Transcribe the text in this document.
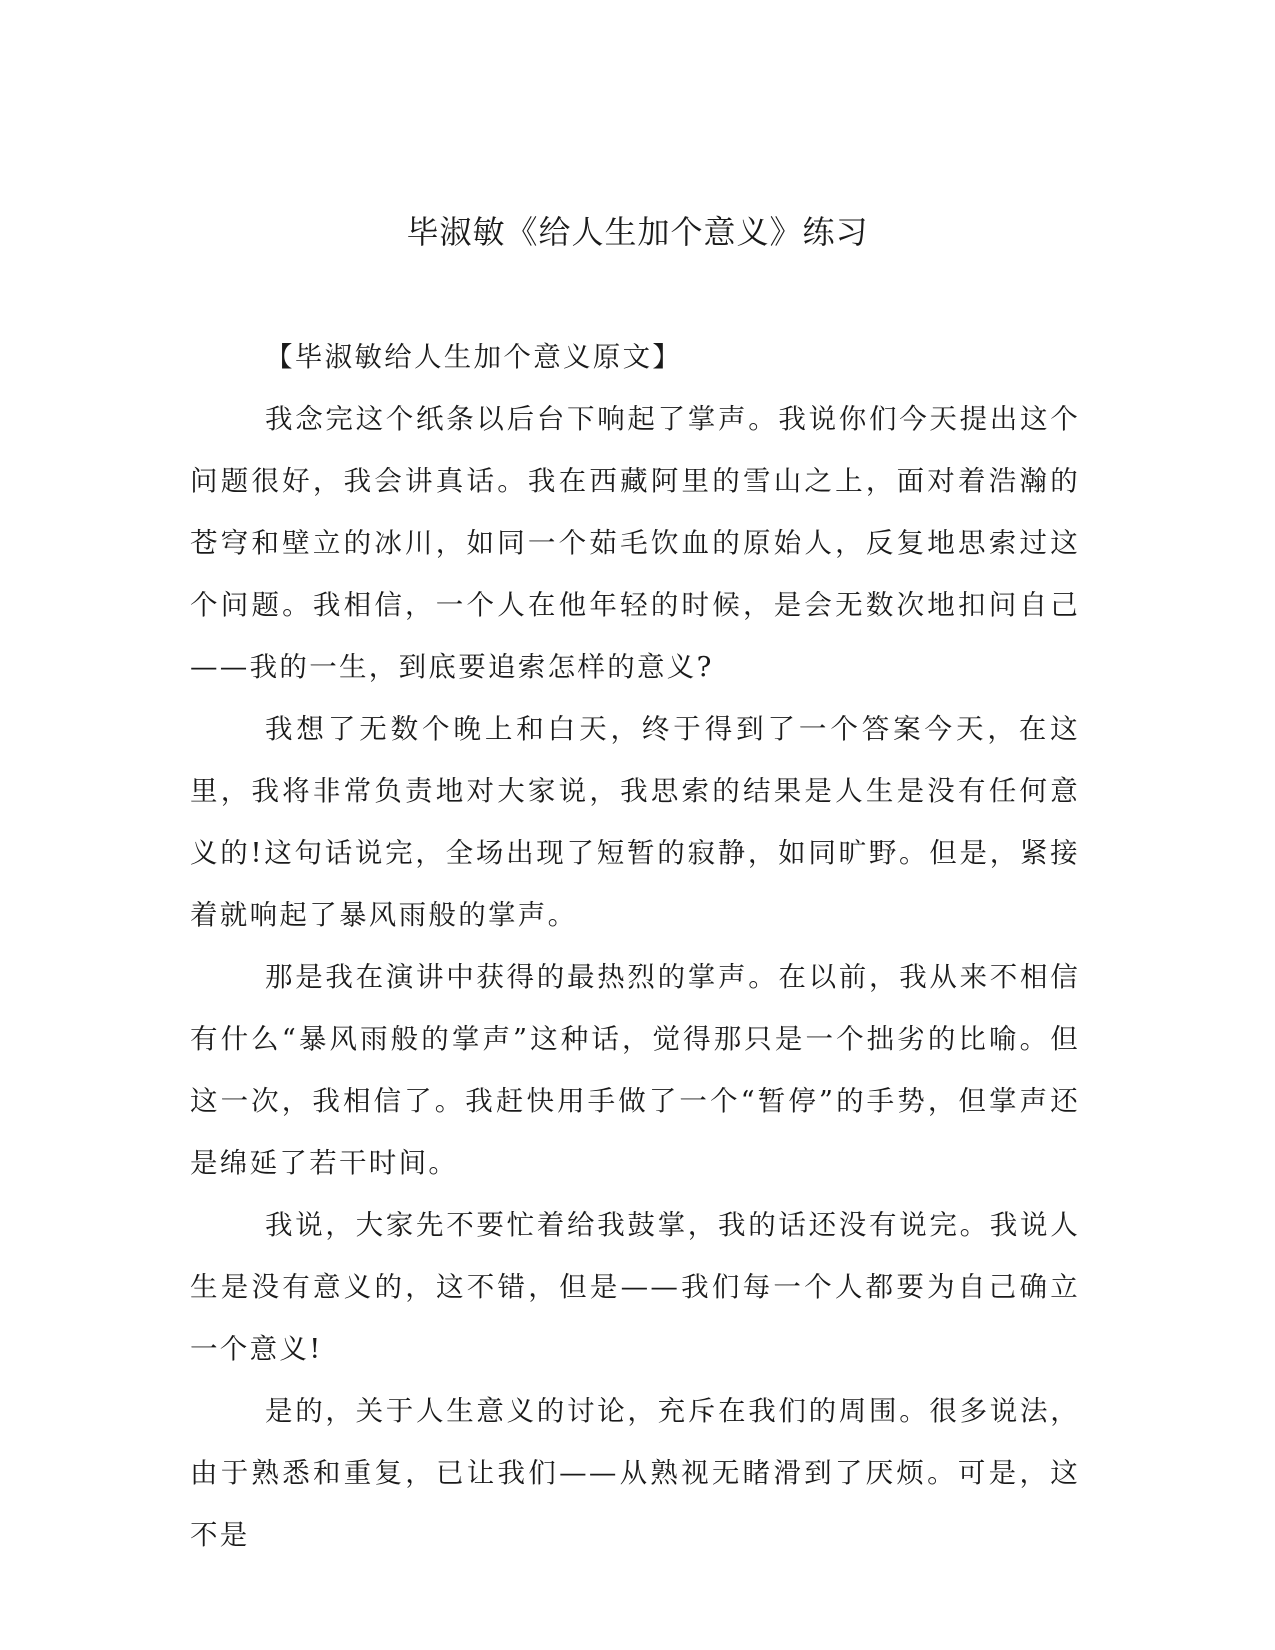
毕淑敏《给人生加个意义》练习

【毕淑敏给人生加个意义原文】

我念完这个纸条以后台下响起了掌声。我说你们今天提出这个问题很好，我会讲真话。我在西藏阿里的雪山之上，面对着浩瀚的苍穹和壁立的冰川，如同一个茹毛饮血的原始人，反复地思索过这个问题。我相信，一个人在他年轻的时候，是会无数次地扣问自己——我的一生，到底要追索怎样的意义?

我想了无数个晚上和白天，终于得到了一个答案今天，在这里，我将非常负责地对大家说，我思索的结果是人生是没有任何意义的!这句话说完，全场出现了短暂的寂静，如同旷野。但是，紧接着就响起了暴风雨般的掌声。

那是我在演讲中获得的最热烈的掌声。在以前，我从来不相信有什么“暴风雨般的掌声”这种话，觉得那只是一个拙劣的比喻。但这一次，我相信了。我赶快用手做了一个“暂停”的手势，但掌声还是绵延了若干时间。

我说，大家先不要忙着给我鼓掌，我的话还没有说完。我说人生是没有意义的，这不错，但是——我们每一个人都要为自己确立一个意义!

是的，关于人生意义的讨论，充斥在我们的周围。很多说法，由于熟悉和重复，已让我们——从熟视无睹滑到了厌烦。可是，这不是
